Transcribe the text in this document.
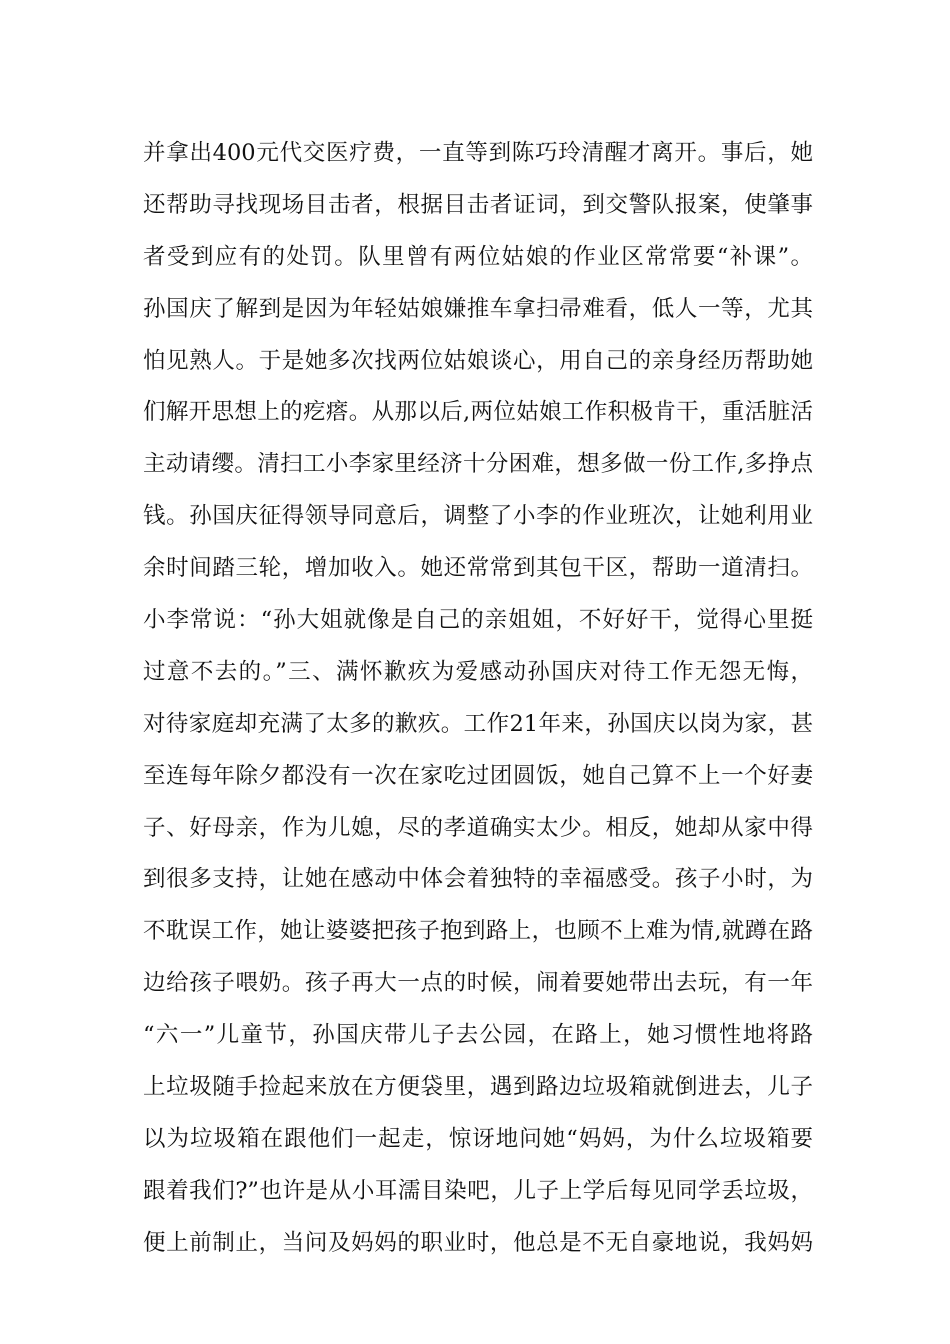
并拿出400元代交医疗费，一直等到陈巧玲清醒才离开。事后，她
还帮助寻找现场目击者，根据目击者证词，到交警队报案，使肇事
者受到应有的处罚。队里曾有两位姑娘的作业区常常要“补课”。
孙国庆了解到是因为年轻姑娘嫌推车拿扫帚难看，低人一等，尤其
怕见熟人。于是她多次找两位姑娘谈心，用自己的亲身经历帮助她
们解开思想上的疙瘩。从那以后,两位姑娘工作积极肯干，重活脏活
主动请缨。清扫工小李家里经济十分困难，想多做一份工作,多挣点
钱。孙国庆征得领导同意后，调整了小李的作业班次，让她利用业
余时间踏三轮，增加收入。她还常常到其包干区，帮助一道清扫。
小李常说：“孙大姐就像是自己的亲姐姐，不好好干，觉得心里挺
过意不去的。”三、满怀歉疚为爱感动孙国庆对待工作无怨无悔，
对待家庭却充满了太多的歉疚。工作21年来，孙国庆以岗为家，甚
至连每年除夕都没有一次在家吃过团圆饭，她自己算不上一个好妻
子、好母亲，作为儿媳，尽的孝道确实太少。相反，她却从家中得
到很多支持，让她在感动中体会着独特的幸福感受。孩子小时，为
不耽误工作，她让婆婆把孩子抱到路上，也顾不上难为情,就蹲在路
边给孩子喂奶。孩子再大一点的时候，闹着要她带出去玩，有一年
“六一”儿童节，孙国庆带儿子去公园，在路上，她习惯性地将路
上垃圾随手捡起来放在方便袋里，遇到路边垃圾箱就倒进去，儿子
以为垃圾箱在跟他们一起走，惊讶地问她“妈妈，为什么垃圾箱要
跟着我们?”也许是从小耳濡目染吧，儿子上学后每见同学丢垃圾，
便上前制止，当问及妈妈的职业时，他总是不无自豪地说，我妈妈
